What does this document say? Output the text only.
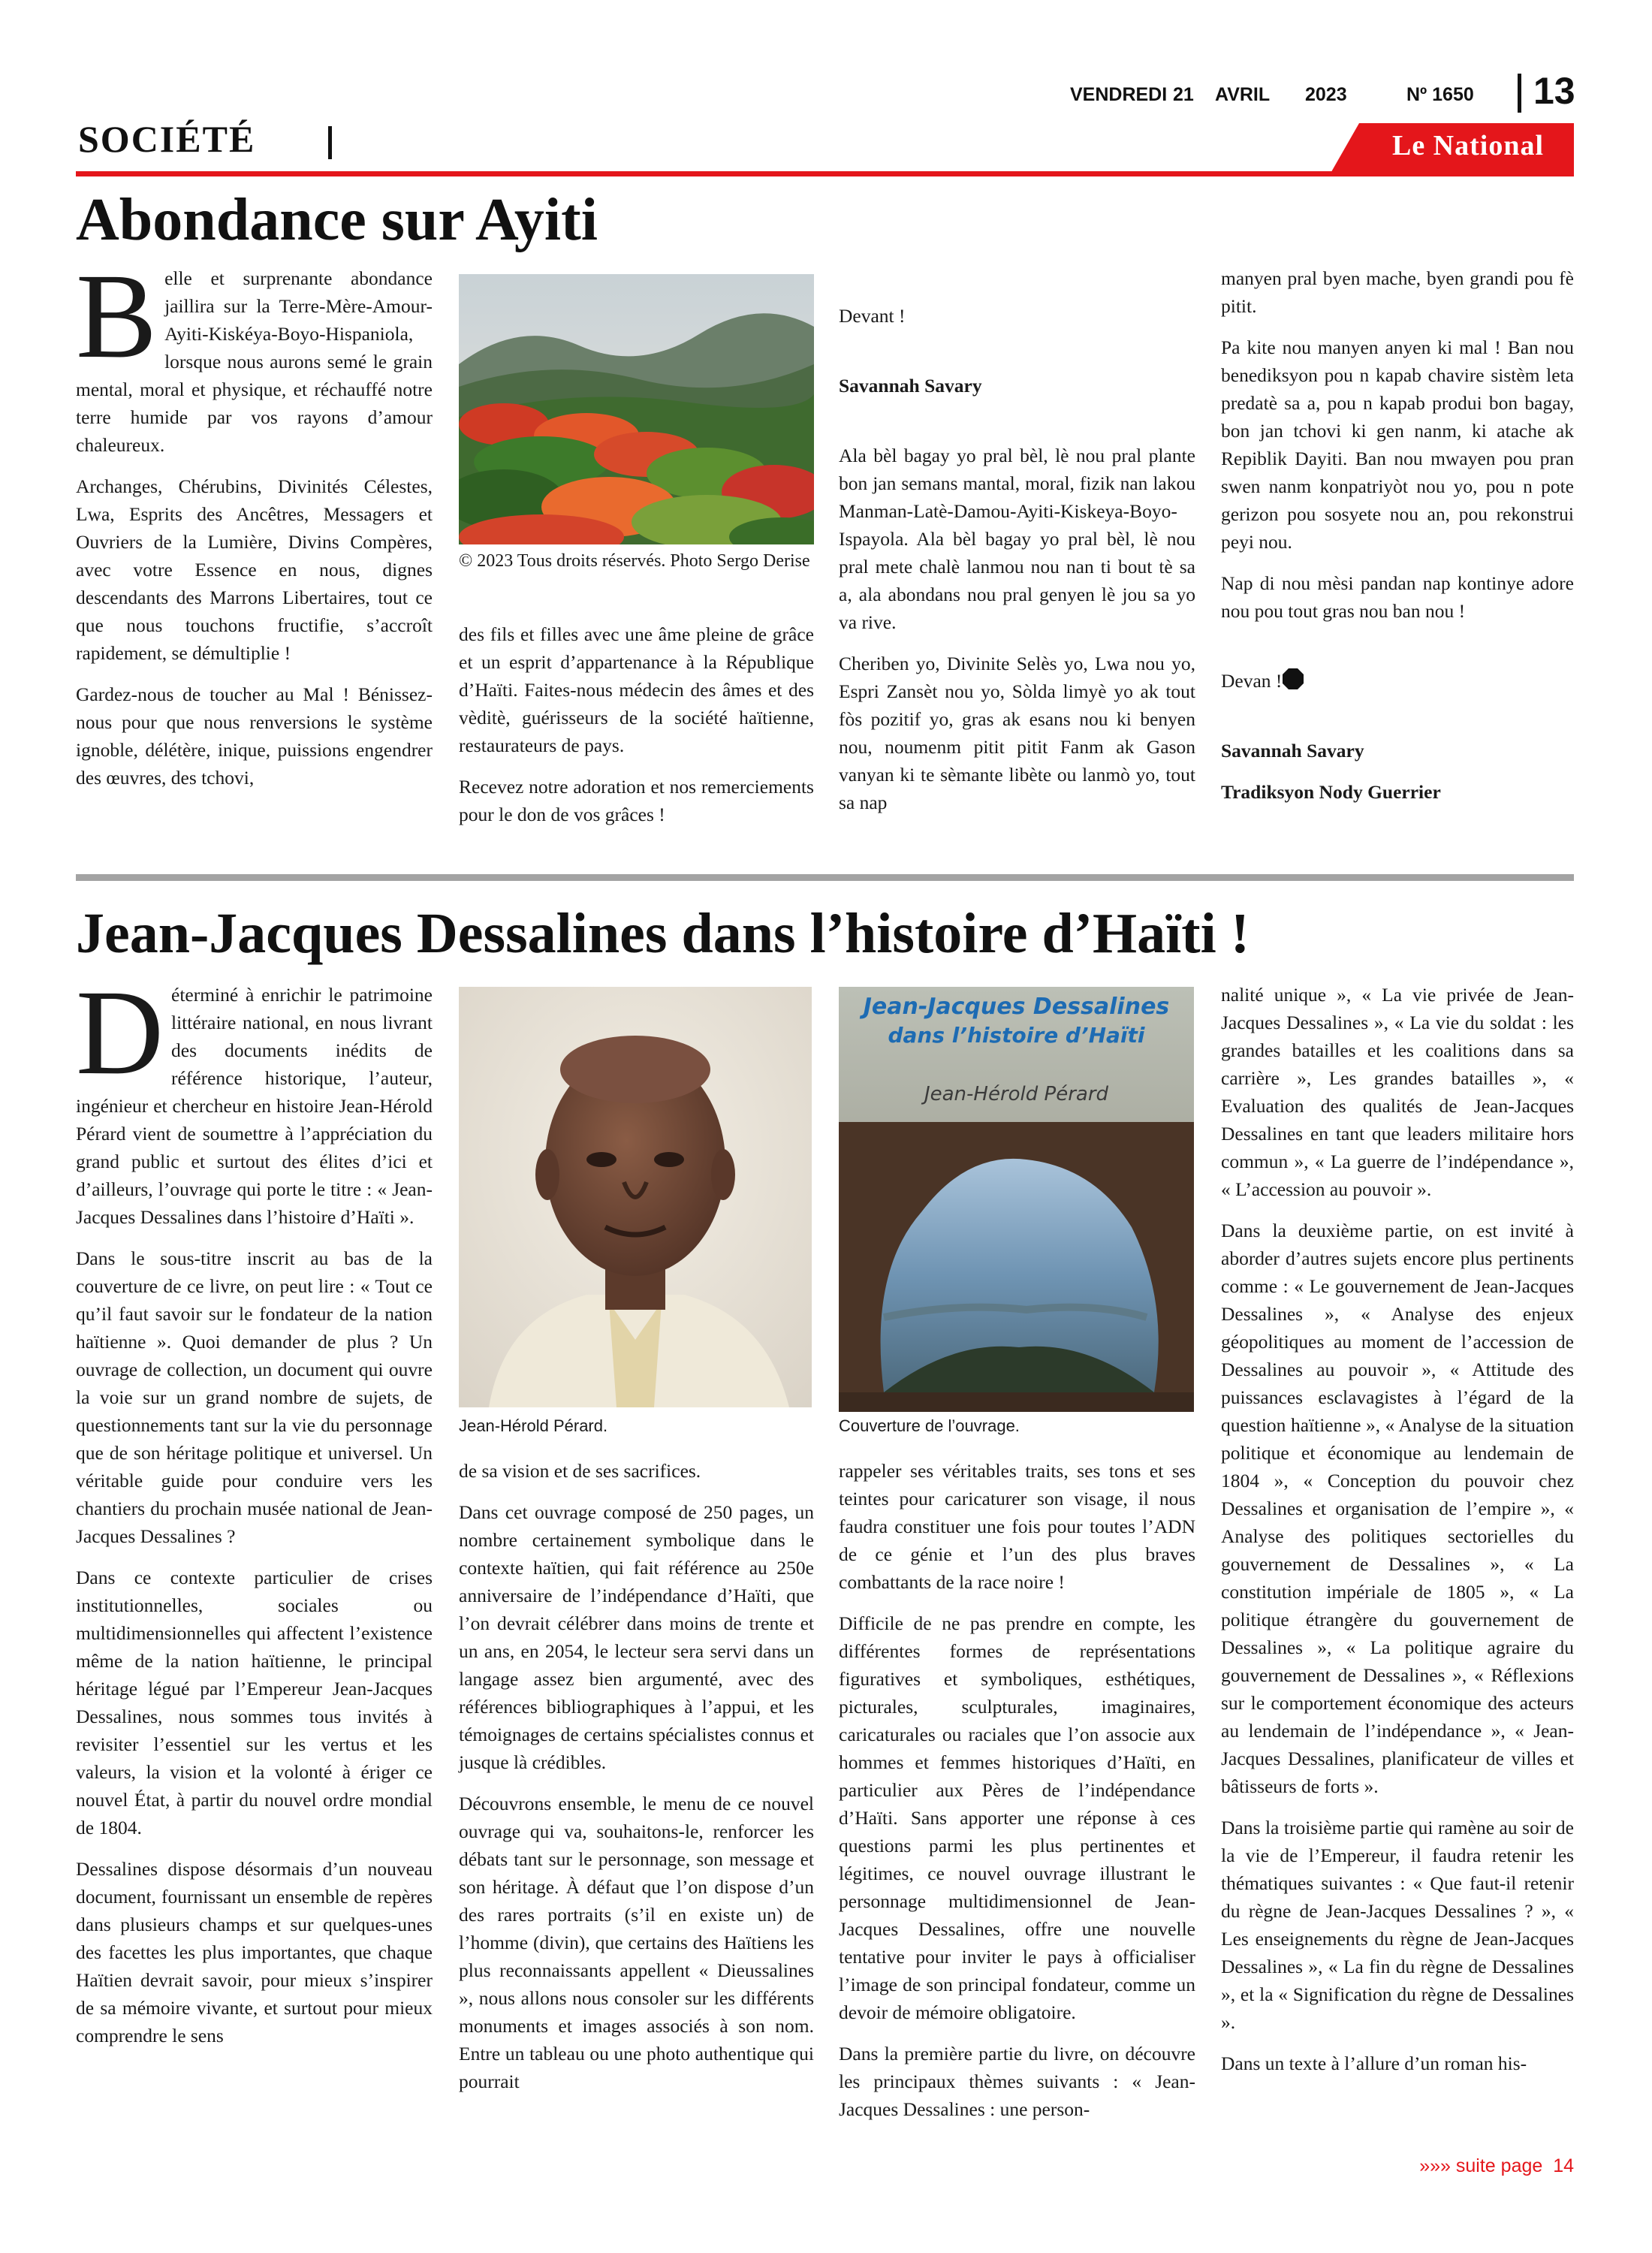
VENDREDI 21 AVRIL 2023	Nº 1650 13
SOCIÉTÉ	Le National
Abondance sur Ayiti

Belle et surprenante abondance jaillira sur la Terre-Mère-Amour-Ayiti-Kiskéya-Boyo-Hispaniola, lorsque nous aurons semé le grain mental, moral et physique, et réchauffé notre terre humide par vos rayons d’amour chaleureux.

Archanges, Chérubins, Divinités Célestes, Lwa, Esprits des Ancêtres, Messagers et Ouvriers de la Lumière, Divins Compères, avec votre Essence en nous, dignes descendants des Marrons Libertaires, tout ce que nous touchons fructifie, s’accroît rapidement, se démultiplie !

Gardez-nous de toucher au Mal ! Bénissez-nous pour que nous renversions le système ignoble, délétère, inique, puissions engendrer des œuvres, des tchovi,

© 2023 Tous droits réservés. Photo Sergo Derise

des fils et filles avec une âme pleine de grâce et un esprit d’appartenance à la République d’Haïti. Faites-nous médecin des âmes et des vèditè, guérisseurs de la société haïtienne, restaurateurs de pays.

Recevez notre adoration et nos remerciements pour le don de vos grâces !

Devant !

Savannah Savary

Ala bèl bagay yo pral bèl, lè nou pral plante bon jan semans mantal, moral, fizik nan lakou Manman-Latè-Damou-Ayiti-Kiskeya-Boyo-Ispayola. Ala bèl bagay yo pral bèl, lè nou pral mete chalè lanmou nou nan ti bout tè sa a, ala abondans nou pral genyen lè jou sa yo va rive.

Cheriben yo, Divinite Selès yo, Lwa nou yo, Espri Zansèt nou yo, Sòlda limyè yo ak tout fòs pozitif yo, gras ak esans nou ki benyen nou, noumenm pitit pitit Fanm ak Gason vanyan ki te sèmante libète ou lanmò yo, tout sa nap

manyen pral byen mache, byen grandi pou fè pitit.

Pa kite nou manyen anyen ki mal ! Ban nou benediksyon pou n kapab chavire sistèm leta predatè sa a, pou n kapab produi bon bagay, bon jan tchovi ki gen nanm, ki atache ak Repiblik Dayiti. Ban nou mwayen pou pran swen nanm konpatriyòt nou yo, pou n pote gerizon pou sosyete nou an, pou rekonstrui peyi nou.

Nap di nou mèsi pandan nap kontinye adore nou pou tout gras nou ban nou !

Devan !

Savannah Savary

Tradiksyon Nody Guerrier

Jean-Jacques Dessalines dans l’histoire d’Haïti !

Déterminé à enrichir le patrimoine littéraire national, en nous livrant des documents inédits de référence historique, l’auteur, ingénieur et chercheur en histoire Jean-Hérold Pérard vient de soumettre à l’appréciation du grand public et surtout des élites d’ici et d’ailleurs, l’ouvrage qui porte le titre : « Jean-Jacques Dessalines dans l’histoire d’Haïti ».

Dans le sous-titre inscrit au bas de la couverture de ce livre, on peut lire : « Tout ce qu’il faut savoir sur le fondateur de la nation haïtienne ». Quoi demander de plus ? Un ouvrage de collection, un document qui ouvre la voie sur un grand nombre de sujets, de questionnements tant sur la vie du personnage que de son héritage politique et universel. Un véritable guide pour conduire vers les chantiers du prochain musée national de Jean-Jacques Dessalines ?

Dans ce contexte particulier de crises institutionnelles, sociales ou multidimensionnelles qui affectent l’existence même de la nation haïtienne, le principal héritage légué par l’Empereur Jean-Jacques Dessalines, nous sommes tous invités à revisiter l’essentiel sur les vertus et les valeurs, la vision et la volonté à ériger ce nouvel État, à partir du nouvel ordre mondial de 1804.

Dessalines dispose désormais d’un nouveau document, fournissant un ensemble de repères dans plusieurs champs et sur quelques-unes des facettes les plus importantes, que chaque Haïtien devrait savoir, pour mieux s’inspirer de sa mémoire vivante, et surtout pour mieux comprendre le sens

Jean-Hérold Pérard.
Jean-Jacques Dessalines
dans l’histoire d’Haïti
Jean-Hérold Pérard
Couverture de l’ouvrage.

de sa vision et de ses sacrifices.

Dans cet ouvrage composé de 250 pages, un nombre certainement symbolique dans le contexte haïtien, qui fait référence au 250e anniversaire de l’indépendance d’Haïti, que l’on devrait célébrer dans moins de trente et un ans, en 2054, le lecteur sera servi dans un langage assez bien argumenté, avec des références bibliographiques à l’appui, et les témoignages de certains spécialistes connus et jusque là crédibles.

Découvrons ensemble, le menu de ce nouvel ouvrage qui va, souhaitons-le, renforcer les débats tant sur le personnage, son message et son héritage. À défaut que l’on dispose d’un des rares portraits (s’il en existe un) de l’homme (divin), que certains des Haïtiens les plus reconnaissants appellent « Dieussalines », nous allons nous consoler sur les différents monuments et images associés à son nom. Entre un tableau ou une photo authentique qui pourrait

rappeler ses véritables traits, ses tons et ses teintes pour caricaturer son visage, il nous faudra constituer une fois pour toutes l’ADN de ce génie et l’un des plus braves combattants de la race noire !

Difficile de ne pas prendre en compte, les différentes formes de représentations figuratives et symboliques, esthétiques, picturales, sculpturales, imaginaires, caricaturales ou raciales que l’on associe aux hommes et femmes historiques d’Haïti, en particulier aux Pères de l’indépendance d’Haïti. Sans apporter une réponse à ces questions parmi les plus pertinentes et légitimes, ce nouvel ouvrage illustrant le personnage multidimensionnel de Jean-Jacques Dessalines, offre une nouvelle tentative pour inviter le pays à officialiser l’image de son principal fondateur, comme un devoir de mémoire obligatoire.

Dans la première partie du livre, on découvre les principaux thèmes suivants : « Jean-Jacques Dessalines : une person-

nalité unique », « La vie privée de Jean-Jacques Dessalines », « La vie du soldat : les grandes batailles et les coalitions dans sa carrière », Les grandes batailles », « Evaluation des qualités de Jean-Jacques Dessalines en tant que leaders militaire hors commun », « La guerre de l’indépendance », « L’accession au pouvoir ».

Dans la deuxième partie, on est invité à aborder d’autres sujets encore plus pertinents comme : « Le gouvernement de Jean-Jacques Dessalines », « Analyse des enjeux géopolitiques au moment de l’accession de Dessalines au pouvoir », « Attitude des puissances esclavagistes à l’égard de la question haïtienne », « Analyse de la situation politique et économique au lendemain de 1804 », « Conception du pouvoir chez Dessalines et organisation de l’empire », « Analyse des politiques sectorielles du gouvernement de Dessalines », « La constitution impériale de 1805 », « La politique étrangère du gouvernement de Dessalines », « La politique agraire du gouvernement de Dessalines », « Réflexions sur le comportement économique des acteurs au lendemain de l’indépendance », « Jean-Jacques Dessalines, planificateur de villes et bâtisseurs de forts ».

Dans la troisième partie qui ramène au soir de la vie de l’Empereur, il faudra retenir les thématiques suivantes : « Que faut-il retenir du règne de Jean-Jacques Dessalines ? », « Les enseignements du règne de Jean-Jacques Dessalines », « La fin du règne de Dessalines », et la « Signification du règne de Dessalines ».

Dans un texte à l’allure d’un roman his-

»»» suite page 14
